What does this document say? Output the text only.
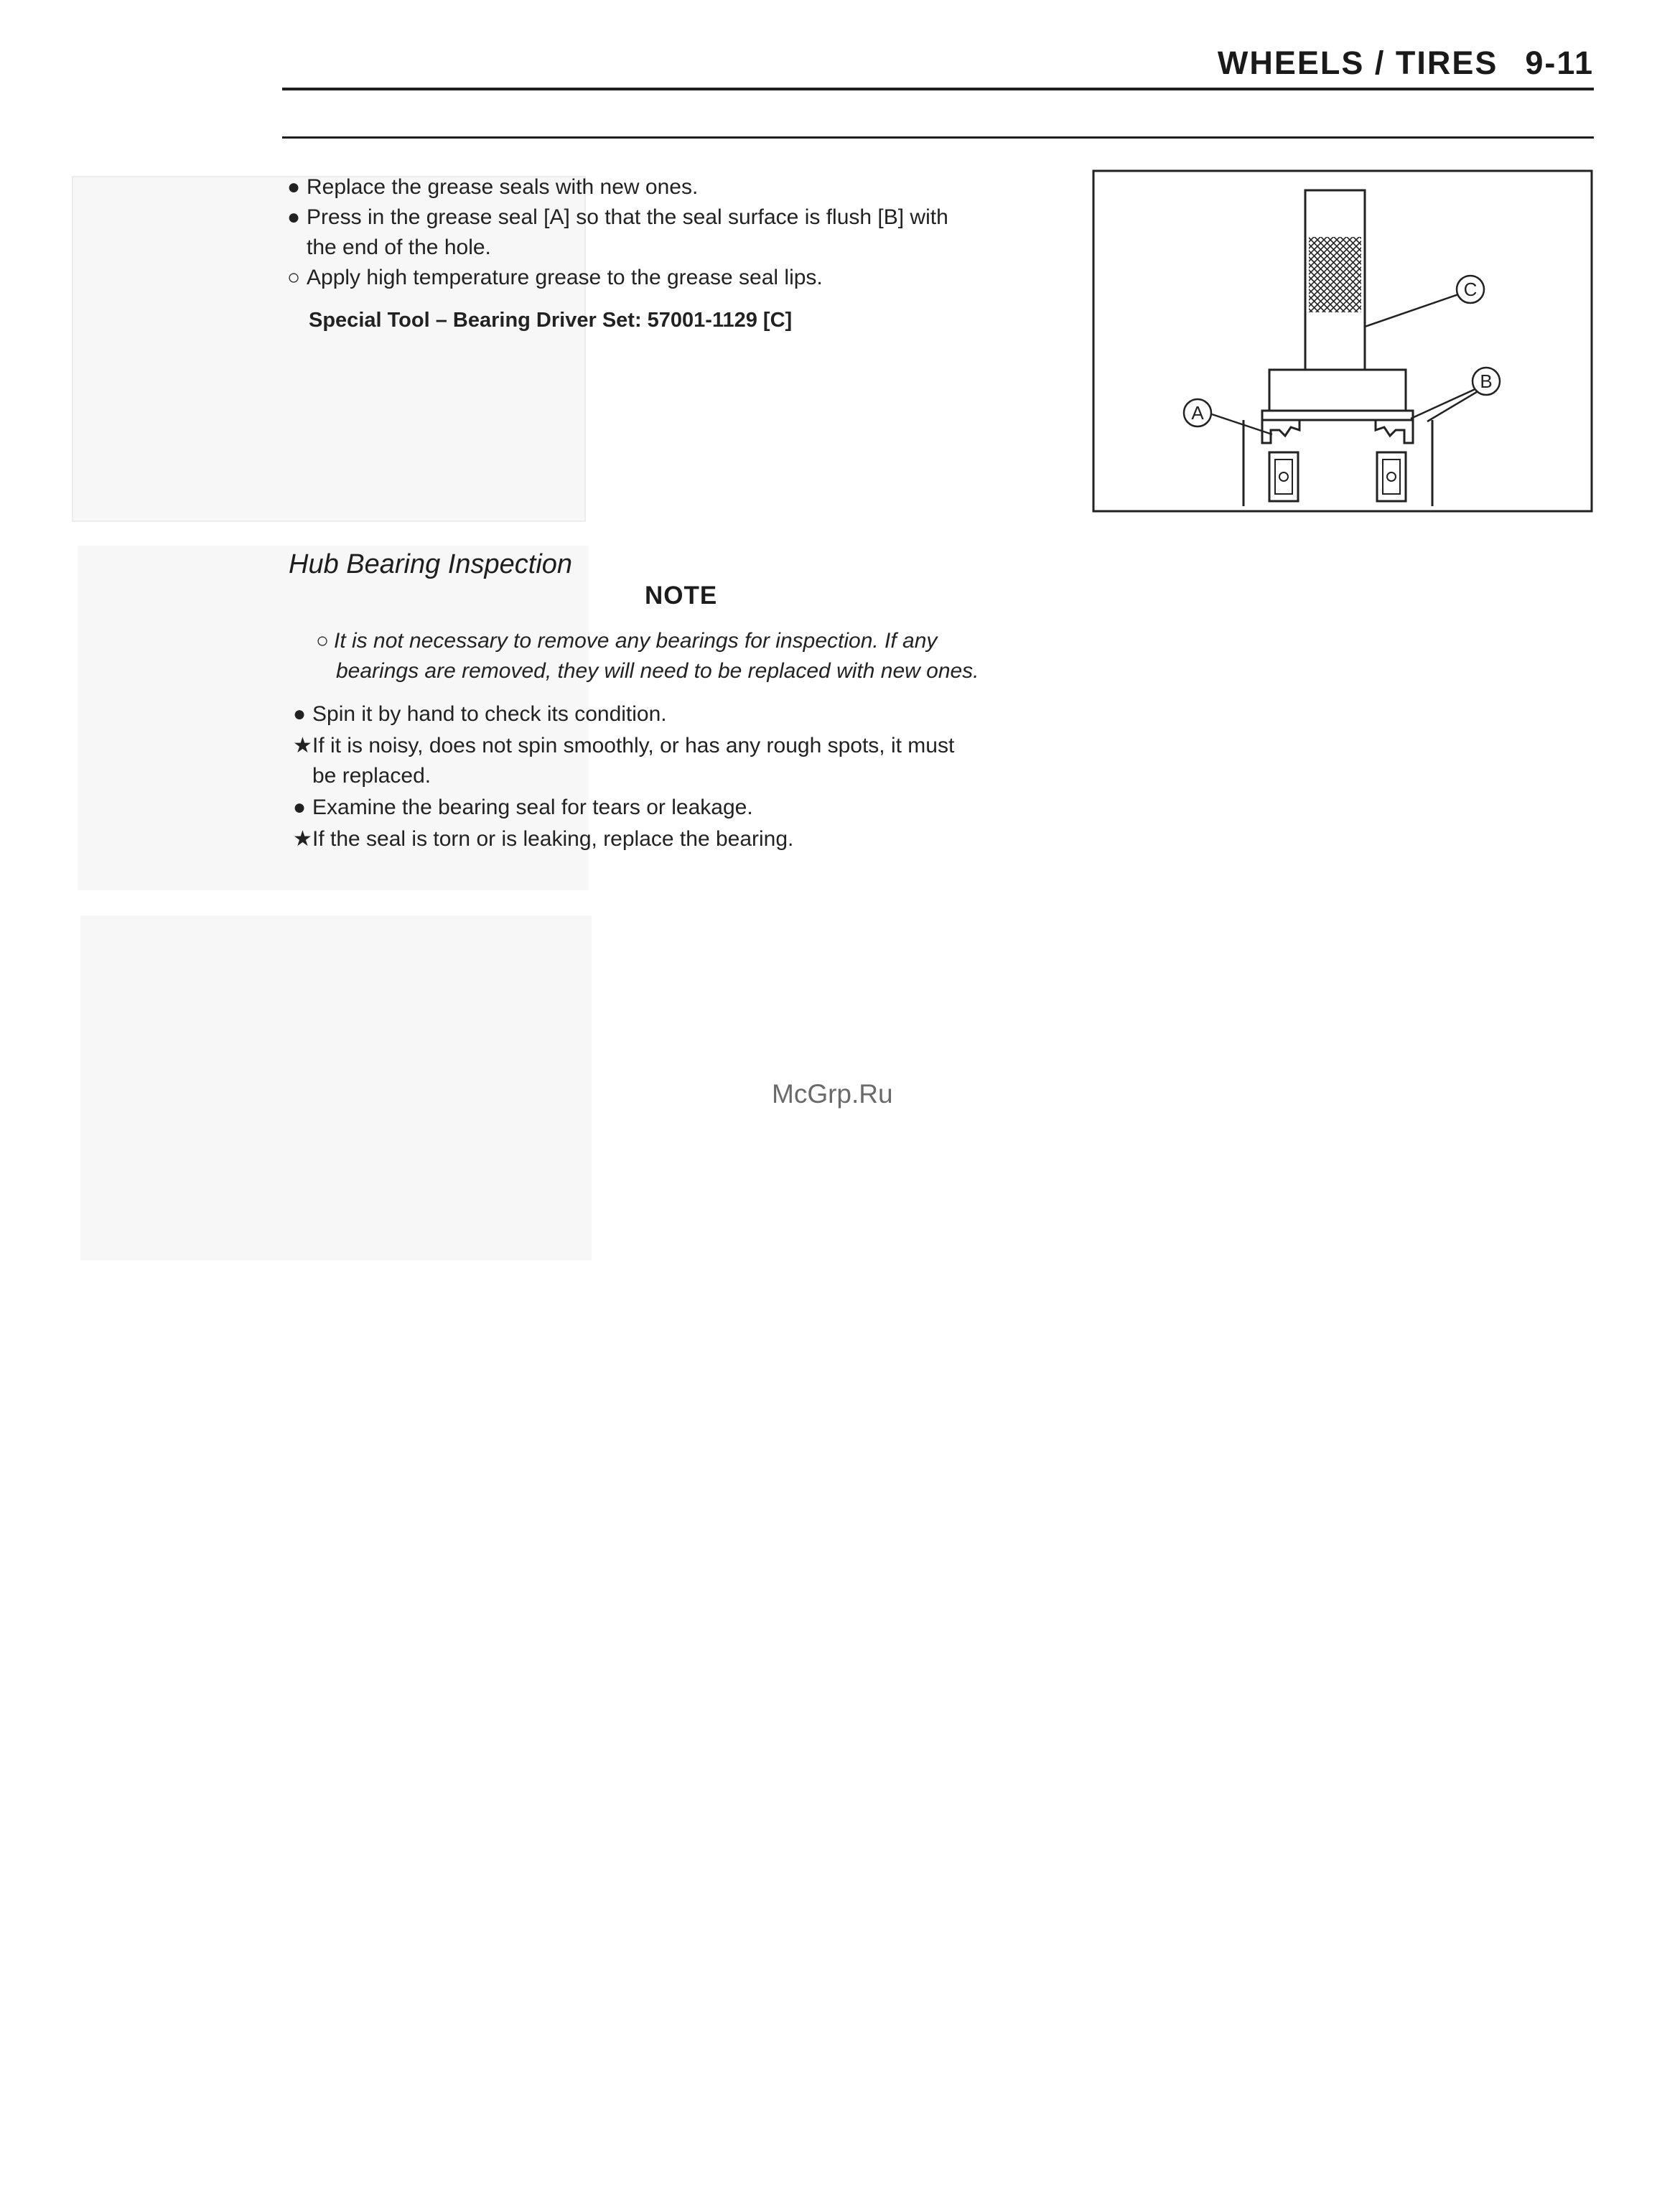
WHEELS / TIRES 9-11
● Replace the grease seals with new ones.
● Press in the grease seal [A] so that the seal surface is flush [B] with
the end of the hole.
○ Apply high temperature grease to the grease seal lips.
Special Tool – Bearing Driver Set: 57001-1129 [C]
C
B
A
Hub Bearing Inspection
NOTE
○ It is not necessary to remove any bearings for inspection. If any
bearings are removed, they will need to be replaced with new ones.
● Spin it by hand to check its condition.
★If it is noisy, does not spin smoothly, or has any rough spots, it must
be replaced.
● Examine the bearing seal for tears or leakage.
★If the seal is torn or is leaking, replace the bearing.
McGrp.Ru
